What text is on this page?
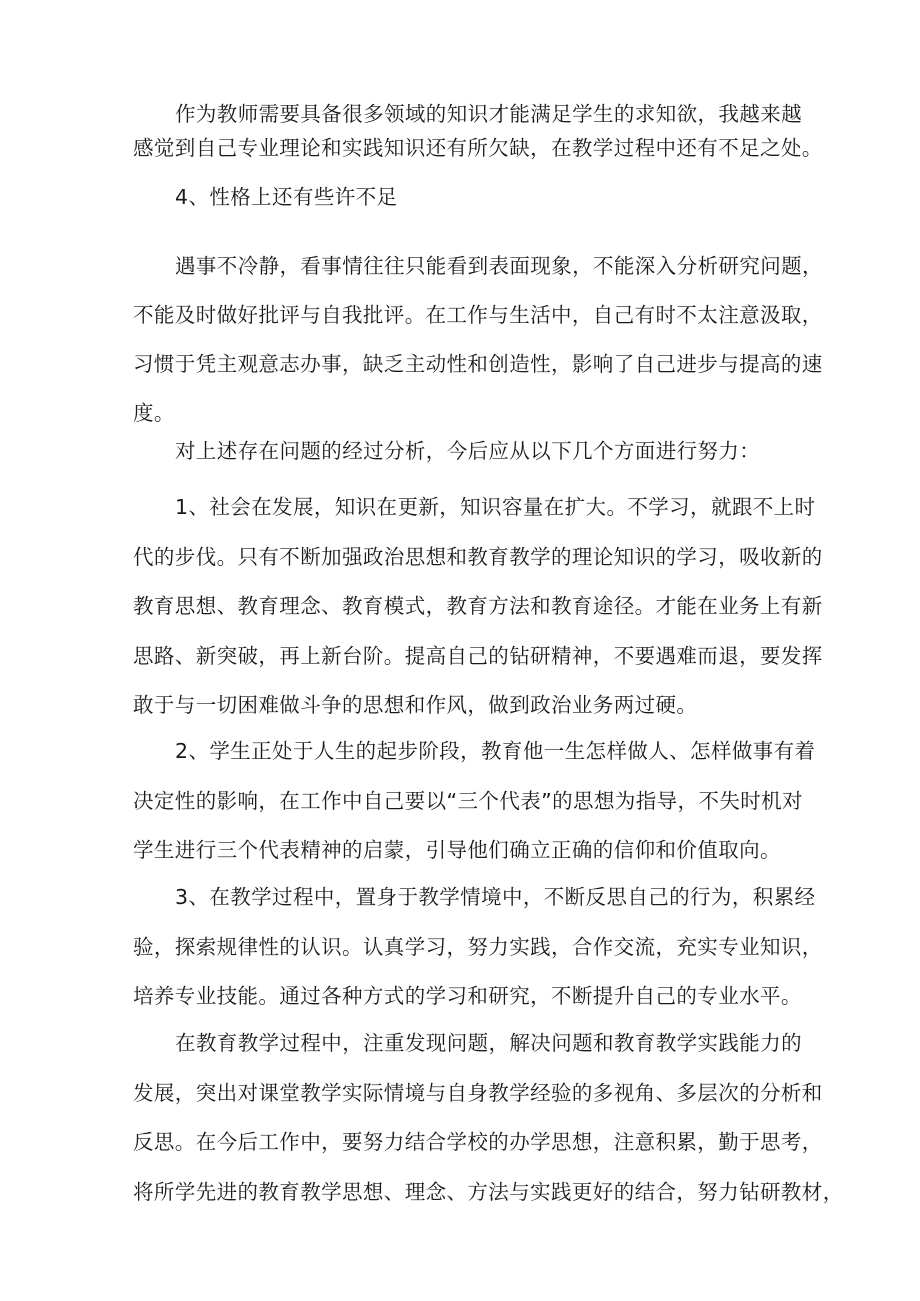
作为教师需要具备很多领域的知识才能满足学生的求知欲，我越来越
感觉到自己专业理论和实践知识还有所欠缺，在教学过程中还有不足之处。
4、性格上还有些许不足
遇事不冷静，看事情往往只能看到表面现象，不能深入分析研究问题，
不能及时做好批评与自我批评。在工作与生活中，自己有时不太注意汲取，
习惯于凭主观意志办事，缺乏主动性和创造性，影响了自己进步与提高的速
度。
对上述存在问题的经过分析，今后应从以下几个方面进行努力：
1、社会在发展，知识在更新，知识容量在扩大。不学习，就跟不上时
代的步伐。只有不断加强政治思想和教育教学的理论知识的学习，吸收新的
教育思想、教育理念、教育模式，教育方法和教育途径。才能在业务上有新
思路、新突破，再上新台阶。提高自己的钻研精神，不要遇难而退，要发挥
敢于与一切困难做斗争的思想和作风，做到政治业务两过硬。
2、学生正处于人生的起步阶段，教育他一生怎样做人、怎样做事有着
决定性的影响，在工作中自己要以“三个代表”的思想为指导，不失时机对
学生进行三个代表精神的启蒙，引导他们确立正确的信仰和价值取向。
3、在教学过程中，置身于教学情境中，不断反思自己的行为，积累经
验，探索规律性的认识。认真学习，努力实践，合作交流，充实专业知识，
培养专业技能。通过各种方式的学习和研究，不断提升自己的专业水平。
在教育教学过程中，注重发现问题，解决问题和教育教学实践能力的
发展，突出对课堂教学实际情境与自身教学经验的多视角、多层次的分析和
反思。在今后工作中，要努力结合学校的办学思想，注意积累，勤于思考，
将所学先进的教育教学思想、理念、方法与实践更好的结合，努力钻研教材，
